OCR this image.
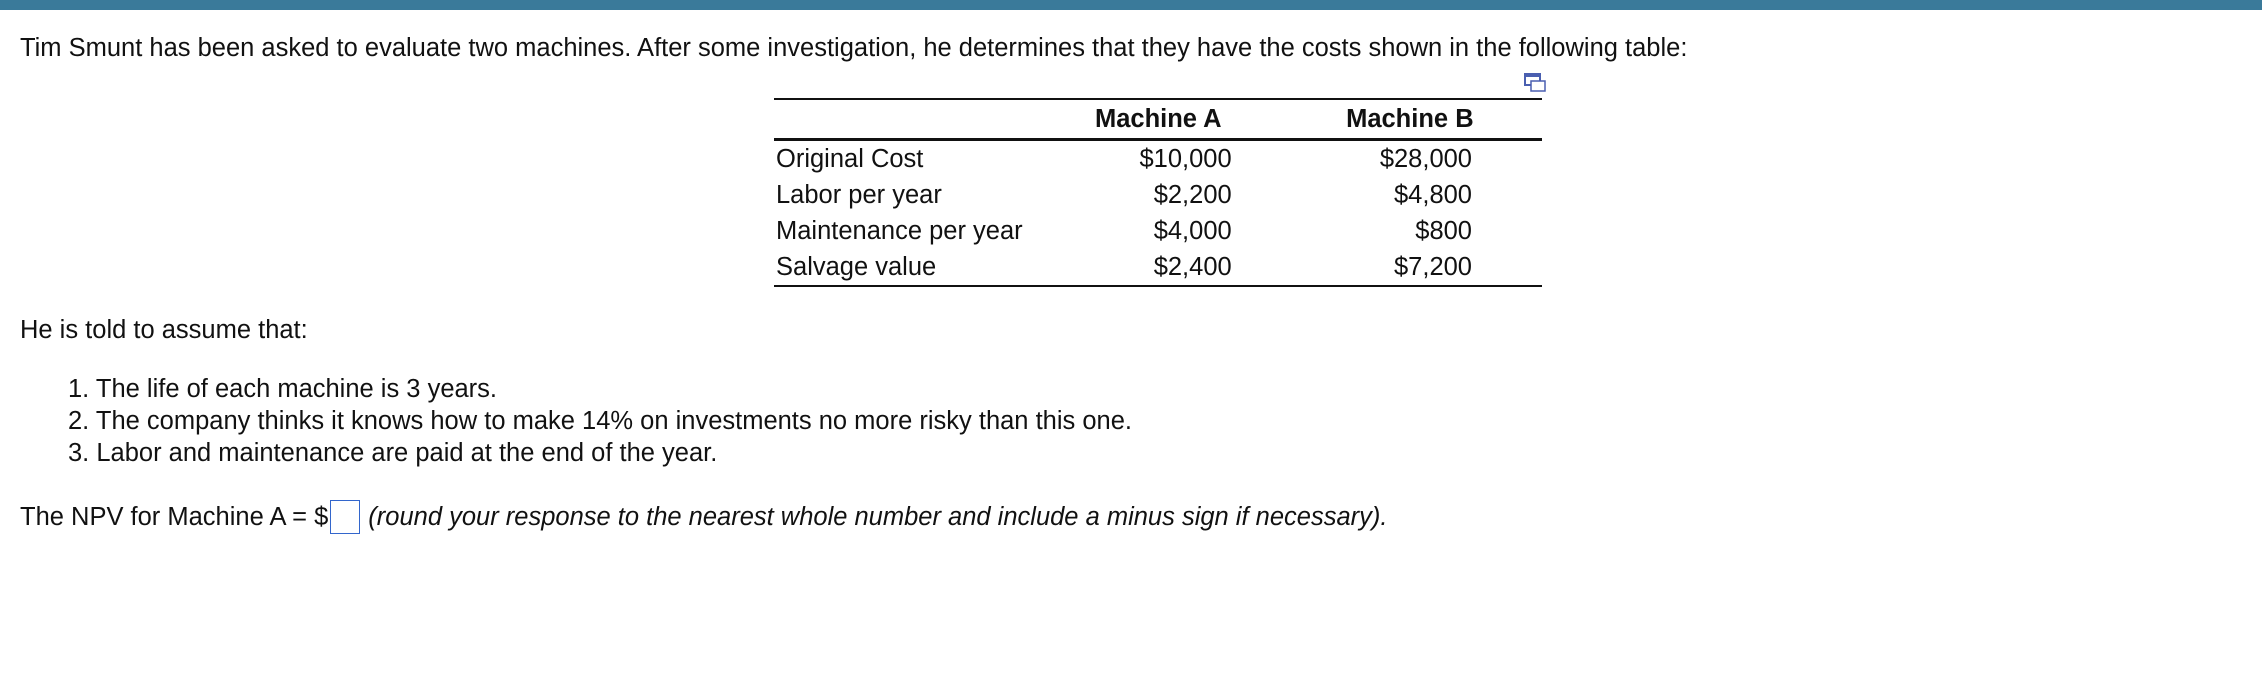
Tim Smunt has been asked to evaluate two machines. After some investigation, he determines that they have the costs shown in the following table:
	Machine A	Machine B
Original Cost	$10,000	$28,000
Labor per year	$2,200	$4,800
Maintenance per year	$4,000	$800
Salvage value	$2,400	$7,200
He is told to assume that:
1. The life of each machine is 3 years.
2. The company thinks it knows how to make 14% on investments no more risky than this one.
3. Labor and maintenance are paid at the end of the year.
The NPV for Machine A = $ (round your response to the nearest whole number and include a minus sign if necessary).
